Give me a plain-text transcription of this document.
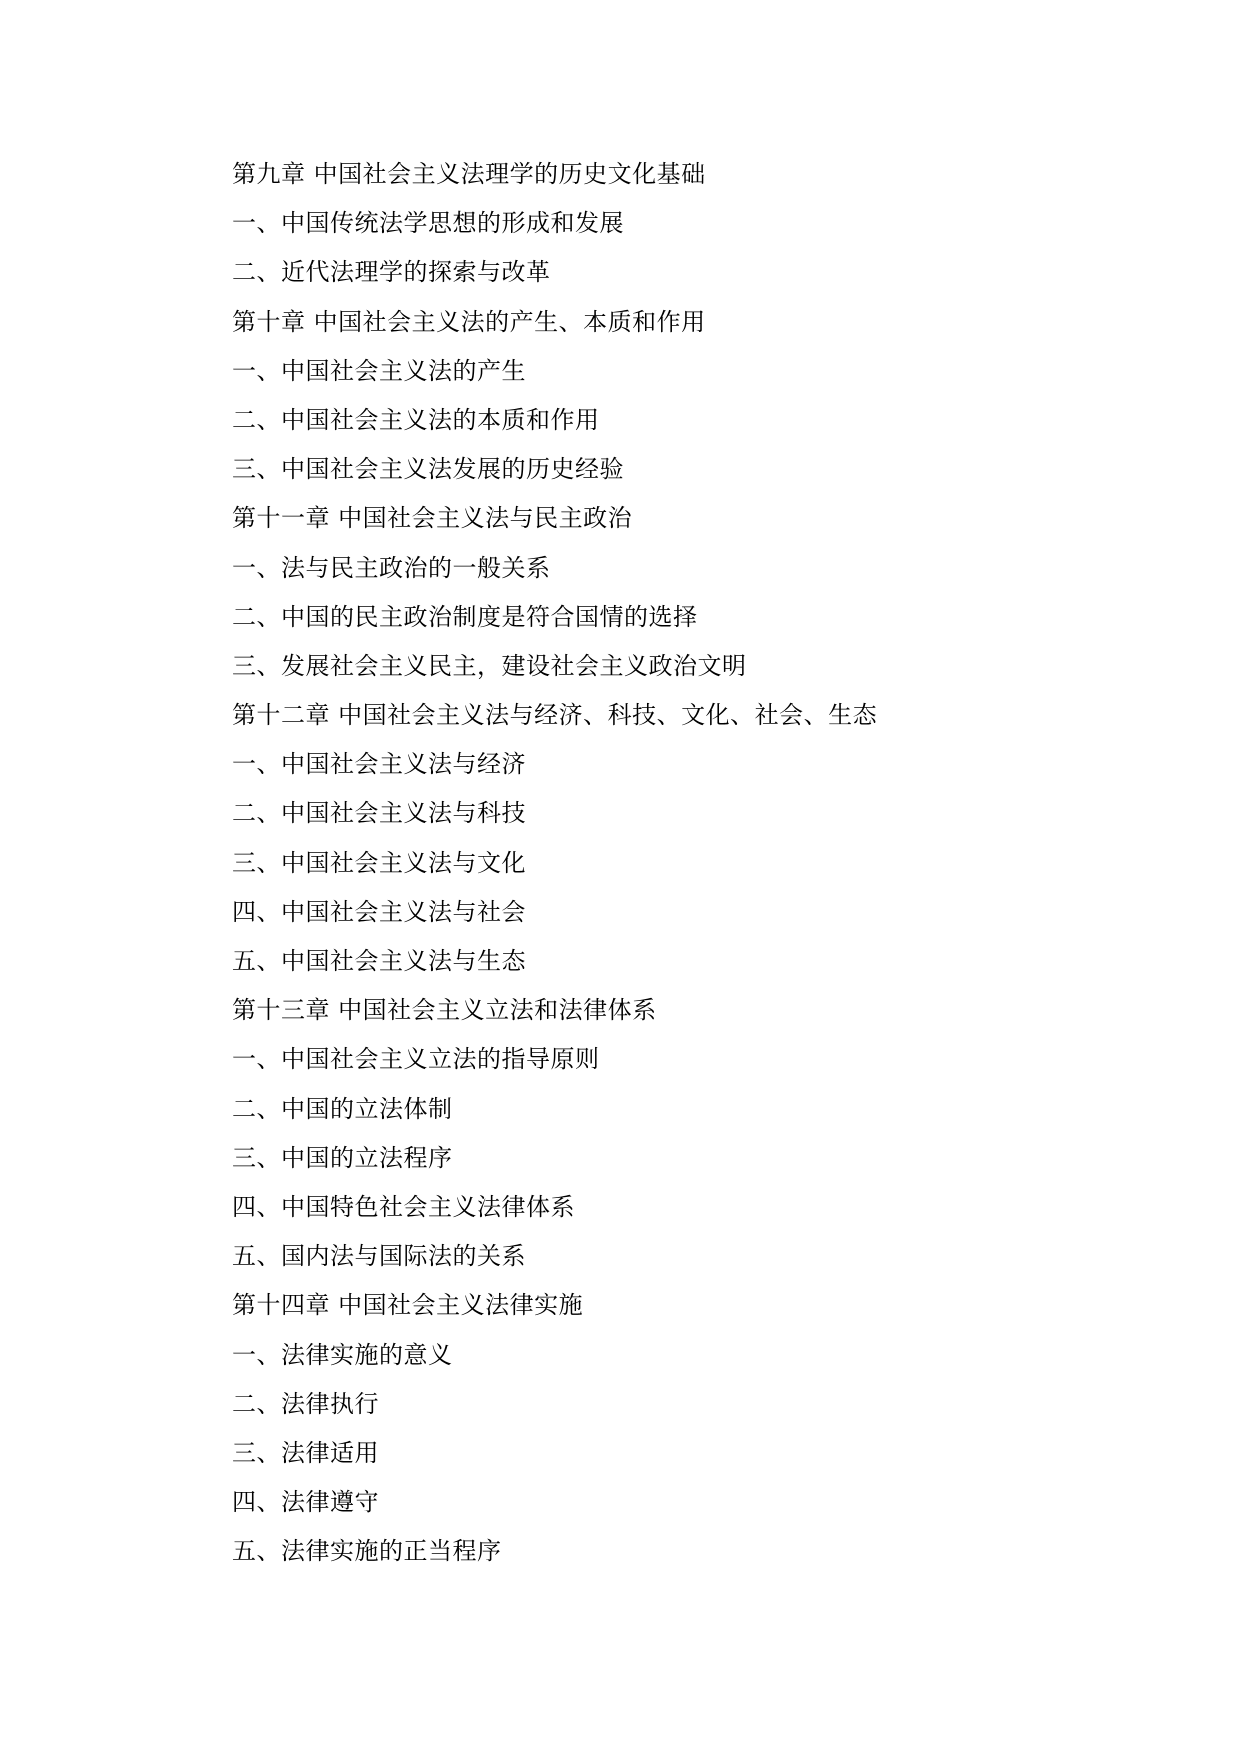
第九章 中国社会主义法理学的历史文化基础
一、中国传统法学思想的形成和发展
二、近代法理学的探索与改革
第十章 中国社会主义法的产生、本质和作用
一、中国社会主义法的产生
二、中国社会主义法的本质和作用
三、中国社会主义法发展的历史经验
第十一章 中国社会主义法与民主政治
一、法与民主政治的一般关系
二、中国的民主政治制度是符合国情的选择
三、发展社会主义民主，建设社会主义政治文明
第十二章 中国社会主义法与经济、科技、文化、社会、生态
一、中国社会主义法与经济
二、中国社会主义法与科技
三、中国社会主义法与文化
四、中国社会主义法与社会
五、中国社会主义法与生态
第十三章 中国社会主义立法和法律体系
一、中国社会主义立法的指导原则
二、中国的立法体制
三、中国的立法程序
四、中国特色社会主义法律体系
五、国内法与国际法的关系
第十四章 中国社会主义法律实施
一、法律实施的意义
二、法律执行
三、法律适用
四、法律遵守
五、法律实施的正当程序
